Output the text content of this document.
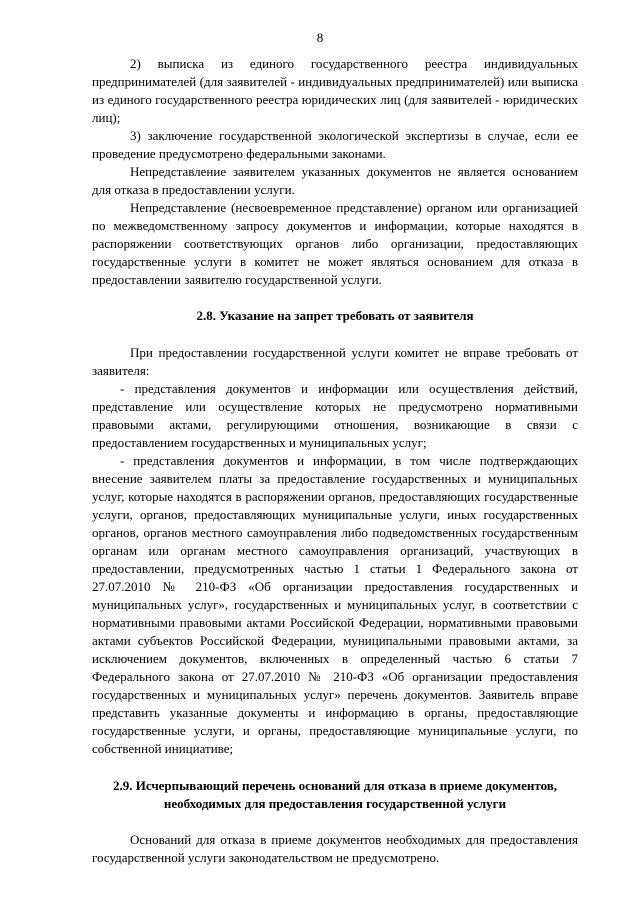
8

2) выписка из единого государственного реестра индивидуальных предпринимателей (для заявителей - индивидуальных предпринимателей) или выписка из единого государственного реестра юридических лиц (для заявителей - юридических лиц);

3) заключение государственной экологической экспертизы в случае, если ее проведение предусмотрено федеральными законами.

Непредставление заявителем указанных документов не является основанием для отказа в предоставлении услуги.

Непредставление (несвоевременное представление) органом или организацией по межведомственному запросу документов и информации, которые находятся в распоряжении соответствующих органов либо организации, предоставляющих государственные услуги в комитет не может являться основанием для отказа в предоставлении заявителю государственной услуги.

2.8. Указание на запрет требовать от заявителя

При предоставлении государственной услуги комитет не вправе требовать от заявителя:

- представления документов и информации или осуществления действий, представление или осуществление которых не предусмотрено нормативными правовыми актами, регулирующими отношения, возникающие в связи с предоставлением государственных и муниципальных услуг;

- представления документов и информации, в том числе подтверждающих внесение заявителем платы за предоставление государственных и муниципальных услуг, которые находятся в распоряжении органов, предоставляющих государственные услуги, органов, предоставляющих муниципальные услуги, иных государственных органов, органов местного самоуправления либо подведомственных государственным органам или органам местного самоуправления организаций, участвующих в предоставлении, предусмотренных частью 1 статьи 1 Федерального закона от 27.07.2010 № 210-ФЗ «Об организации предоставления государственных и муниципальных услуг», государственных и муниципальных услуг, в соответствии с нормативными правовыми актами Российской Федерации, нормативными правовыми актами субъектов Российской Федерации, муниципальными правовыми актами, за исключением документов, включенных в определенный частью 6 статьи 7 Федерального закона от 27.07.2010 № 210-ФЗ «Об организации предоставления государственных и муниципальных услуг» перечень документов. Заявитель вправе представить указанные документы и информацию в органы, предоставляющие государственные услуги, и органы, предоставляющие муниципальные услуги, по собственной инициативе;

2.9. Исчерпывающий перечень оснований для отказа в приеме документов,
необходимых для предоставления государственной услуги

Оснований для отказа в приеме документов необходимых для предоставления государственной услуги законодательством не предусмотрено.
